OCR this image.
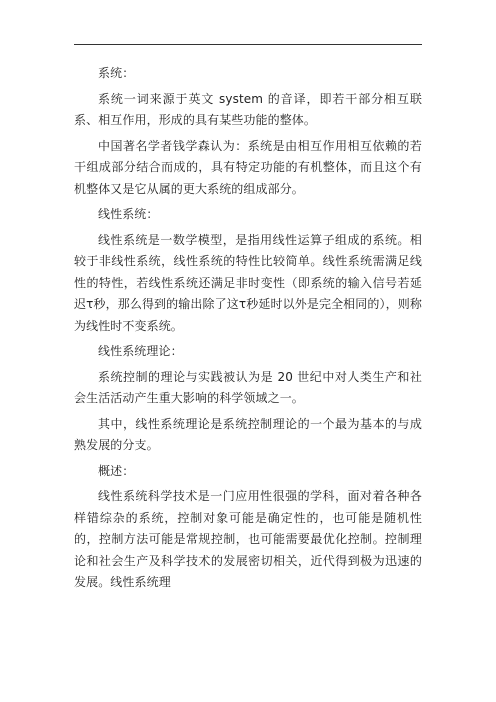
系统：

系统一词来源于英文 system 的音译，即若干部分相互联系、相互作用，形成的具有某些功能的整体。

中国著名学者钱学森认为：系统是由相互作用相互依赖的若干组成部分结合而成的，具有特定功能的有机整体，而且这个有机整体又是它从属的更大系统的组成部分。

线性系统：

线性系统是一数学模型，是指用线性运算子组成的系统。相较于非线性系统，线性系统的特性比较简单。线性系统需满足线性的特性，若线性系统还满足非时变性（即系统的输入信号若延迟τ秒，那么得到的输出除了这τ秒延时以外是完全相同的），则称为线性时不变系统。

线性系统理论：

系统控制的理论与实践被认为是 20 世纪中对人类生产和社会生活活动产生重大影响的科学领域之一。

其中，线性系统理论是系统控制理论的一个最为基本的与成熟发展的分支。

概述：

线性系统科学技术是一门应用性很强的学科，面对着各种各样错综杂的系统，控制对象可能是确定性的，也可能是随机性的，控制方法可能是常规控制，也可能需要最优化控制。控制理论和社会生产及科学技术的发展密切相关，近代得到极为迅速的发展。线性系统理
